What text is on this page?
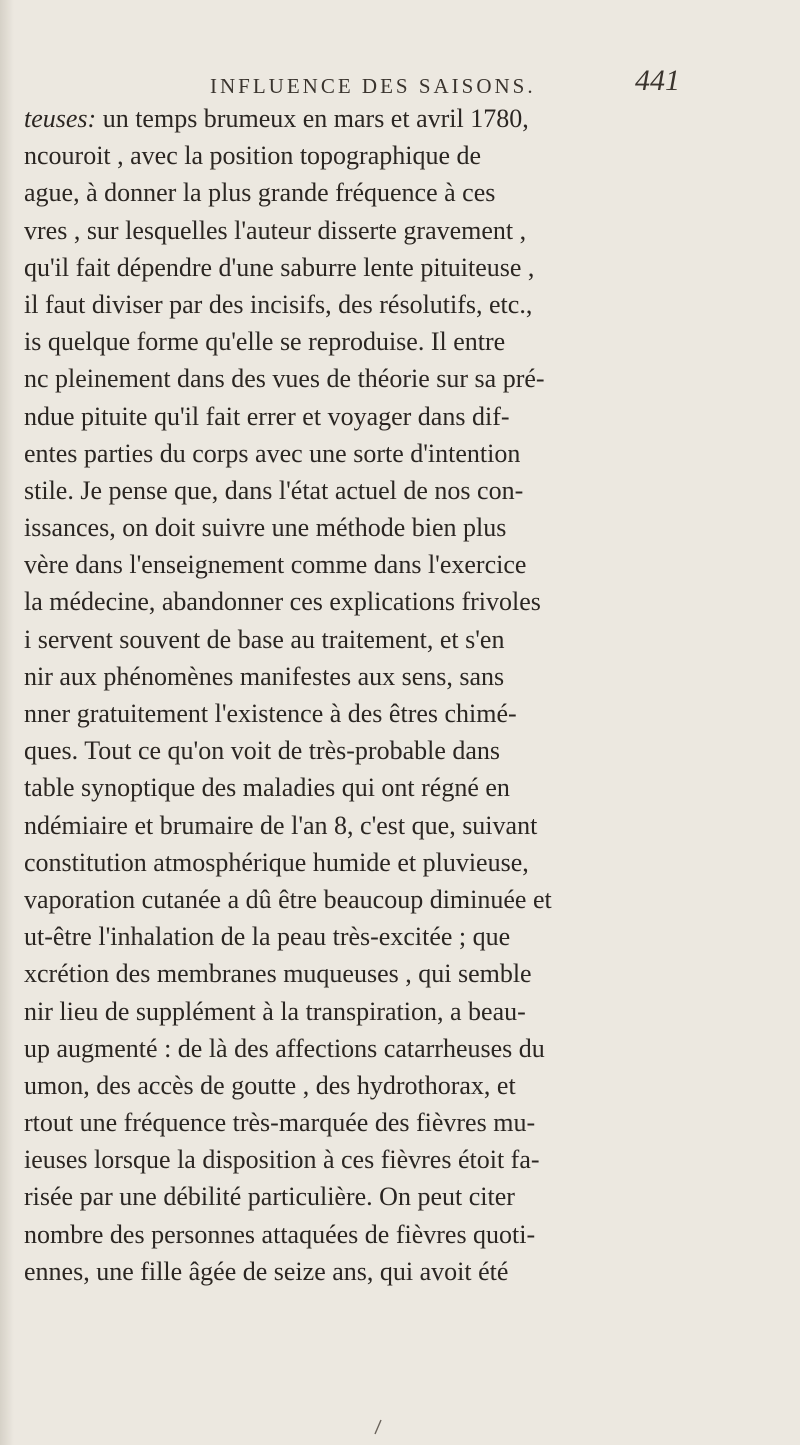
INFLUENCE DES SAISONS.	441
teuses: un temps brumeux en mars et avril 1780,
ncouroit , avec la position topographique de
ague, à donner la plus grande fréquence à ces
vres , sur lesquelles l'auteur disserte gravement ,
qu'il fait dépendre d'une saburre lente pituiteuse ,
il faut diviser par des incisifs, des résolutifs, etc.,
is quelque forme qu'elle se reproduise. Il entre
nc pleinement dans des vues de théorie sur sa pré-
ndue pituite qu'il fait errer et voyager dans dif-
entes parties du corps avec une sorte d'intention
stile. Je pense que, dans l'état actuel de nos con-
issances, on doit suivre une méthode bien plus
vère dans l'enseignement comme dans l'exercice
la médecine, abandonner ces explications frivoles
i servent souvent de base au traitement, et s'en
nir aux phénomènes manifestes aux sens, sans
nner gratuitement l'existence à des êtres chimé-
ques. Tout ce qu'on voit de très-probable dans
table synoptique des maladies qui ont régné en
ndémiaire et brumaire de l'an 8, c'est que, suivant
constitution atmosphérique humide et pluvieuse,
vaporation cutanée a dû être beaucoup diminuée et
ut-être l'inhalation de la peau très-excitée ; que
xcrétion des membranes muqueuses , qui semble
nir lieu de supplément à la transpiration, a beau-
up augmenté : de là des affections catarrheuses du
umon, des accès de goutte , des hydrothorax, et
rtout une fréquence très-marquée des fièvres mu-
ieuses lorsque la disposition à ces fièvres étoit fa-
risée par une débilité particulière. On peut citer
nombre des personnes attaquées de fièvres quoti-
ennes, une fille âgée de seize ans, qui avoit été
